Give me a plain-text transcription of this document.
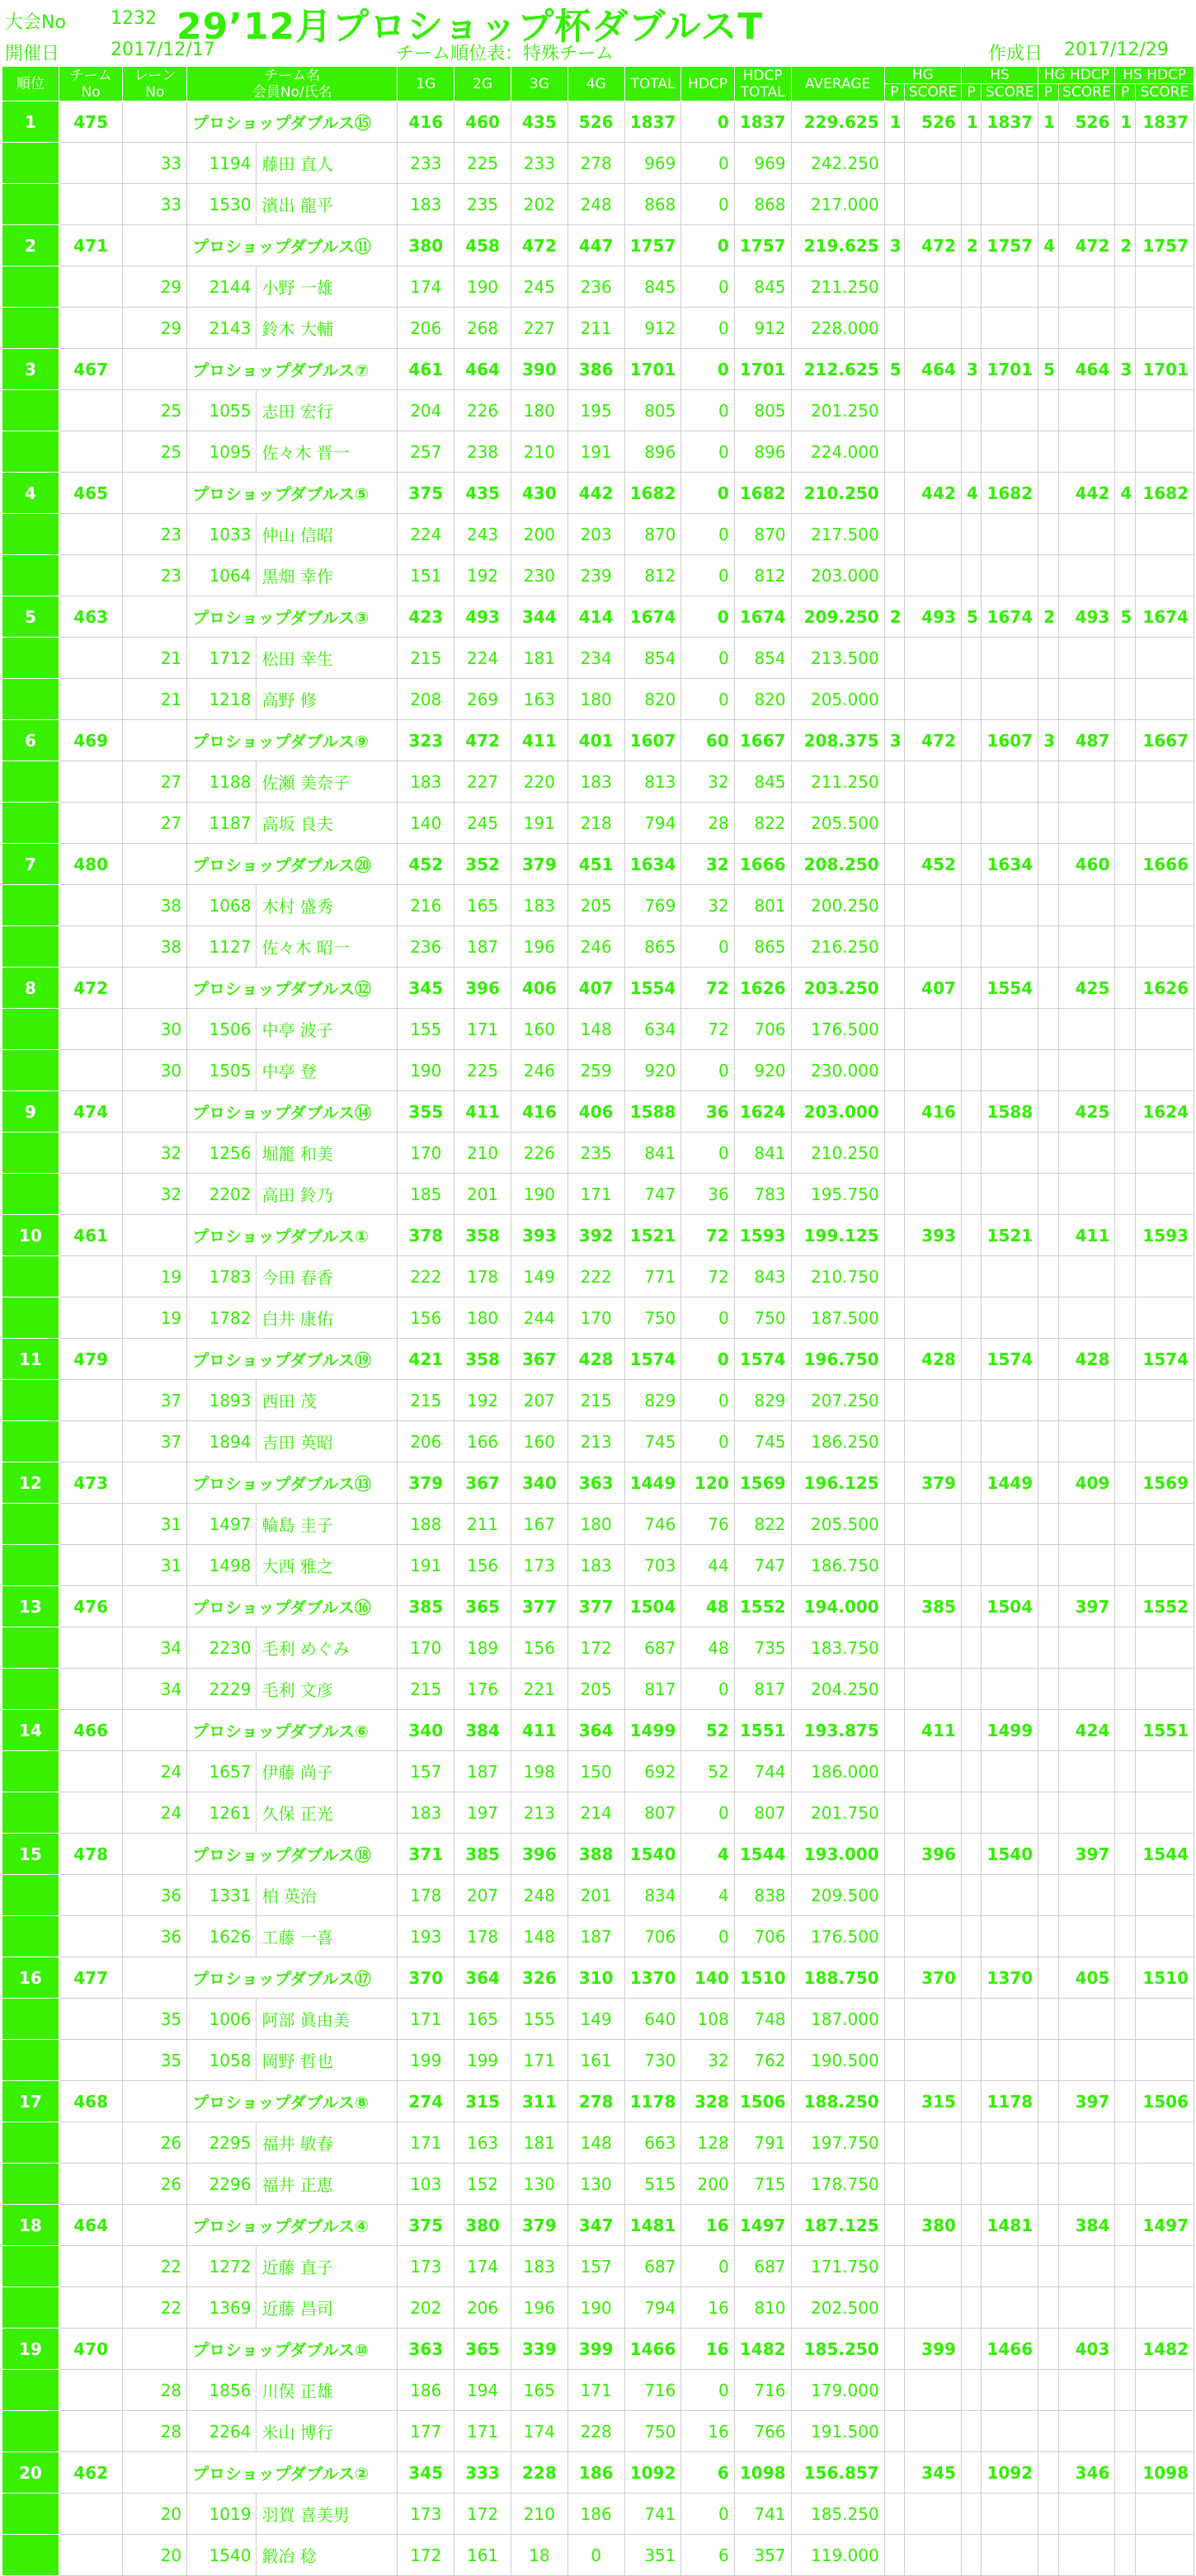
大会No 1232 29’12月プロショップ杯ダブルスT
開催日	2017/12/17	チーム順位表：特殊チーム	作成日 2017/12/29
順位	チーム
No	レーン
No	チーム名
会員No/氏名		1G	2G	3G	4G	TOTAL	HDCP	HDCP
TOTAL	AVERAGE	HG		HS		HG HDCP		HS HDCP	
													P	SCORE	P	SCORE	P	SCORE	P	SCORE
1	475		プロショップダブルス⑮		416	460	435	526	1837	0	1837	229.625	1	526	1	1837	1	526	1	1837
		33	1194	藤田 直人	233	225	233	278	969	0	969	242.250								
		33	1530	濱出 龍平	183	235	202	248	868	0	868	217.000								
2	471		プロショップダブルス⑪		380	458	472	447	1757	0	1757	219.625	3	472	2	1757	4	472	2	1757
		29	2144	小野 一雄	174	190	245	236	845	0	845	211.250								
		29	2143	鈴木 大輔	206	268	227	211	912	0	912	228.000								
3	467		プロショップダブルス⑦		461	464	390	386	1701	0	1701	212.625	5	464	3	1701	5	464	3	1701
		25	1055	志田 宏行	204	226	180	195	805	0	805	201.250								
		25	1095	佐々木 晋一	257	238	210	191	896	0	896	224.000								
4	465		プロショップダブルス⑤		375	435	430	442	1682	0	1682	210.250		442	4	1682		442	4	1682
		23	1033	仲山 信昭	224	243	200	203	870	0	870	217.500								
		23	1064	黒畑 幸作	151	192	230	239	812	0	812	203.000								
5	463		プロショップダブルス③		423	493	344	414	1674	0	1674	209.250	2	493	5	1674	2	493	5	1674
		21	1712	松田 幸生	215	224	181	234	854	0	854	213.500								
		21	1218	高野 修	208	269	163	180	820	0	820	205.000								
6	469		プロショップダブルス⑨		323	472	411	401	1607	60	1667	208.375	3	472		1607	3	487		1667
		27	1188	佐瀬 美奈子	183	227	220	183	813	32	845	211.250								
		27	1187	高坂 良夫	140	245	191	218	794	28	822	205.500								
7	480		プロショップダブルス⑳		452	352	379	451	1634	32	1666	208.250		452		1634		460		1666
		38	1068	木村 盛秀	216	165	183	205	769	32	801	200.250								
		38	1127	佐々木 昭一	236	187	196	246	865	0	865	216.250								
8	472		プロショップダブルス⑫		345	396	406	407	1554	72	1626	203.250		407		1554		425		1626
		30	1506	中亭 波子	155	171	160	148	634	72	706	176.500								
		30	1505	中亭 登	190	225	246	259	920	0	920	230.000								
9	474		プロショップダブルス⑭		355	411	416	406	1588	36	1624	203.000		416		1588		425		1624
		32	1256	堀籠 和美	170	210	226	235	841	0	841	210.250								
		32	2202	高田 鈴乃	185	201	190	171	747	36	783	195.750								
10	461		プロショップダブルス①		378	358	393	392	1521	72	1593	199.125		393		1521		411		1593
		19	1783	今田 春香	222	178	149	222	771	72	843	210.750								
		19	1782	白井 康佑	156	180	244	170	750	0	750	187.500								
11	479		プロショップダブルス⑲		421	358	367	428	1574	0	1574	196.750		428		1574		428		1574
		37	1893	西田 茂	215	192	207	215	829	0	829	207.250								
		37	1894	吉田 英昭	206	166	160	213	745	0	745	186.250								
12	473		プロショップダブルス⑬		379	367	340	363	1449	120	1569	196.125		379		1449		409		1569
		31	1497	輪島 圭子	188	211	167	180	746	76	822	205.500								
		31	1498	大西 雅之	191	156	173	183	703	44	747	186.750								
13	476		プロショップダブルス⑯		385	365	377	377	1504	48	1552	194.000		385		1504		397		1552
		34	2230	毛利 めぐみ	170	189	156	172	687	48	735	183.750								
		34	2229	毛利 文彦	215	176	221	205	817	0	817	204.250								
14	466		プロショップダブルス⑥		340	384	411	364	1499	52	1551	193.875		411		1499		424		1551
		24	1657	伊藤 尚子	157	187	198	150	692	52	744	186.000								
		24	1261	久保 正光	183	197	213	214	807	0	807	201.750								
15	478		プロショップダブルス⑱		371	385	396	388	1540	4	1544	193.000		396		1540		397		1544
		36	1331	柏 英治	178	207	248	201	834	4	838	209.500								
		36	1626	工藤 一喜	193	178	148	187	706	0	706	176.500								
16	477		プロショップダブルス⑰		370	364	326	310	1370	140	1510	188.750		370		1370		405		1510
		35	1006	阿部 眞由美	171	165	155	149	640	108	748	187.000								
		35	1058	岡野 哲也	199	199	171	161	730	32	762	190.500								
17	468		プロショップダブルス⑧		274	315	311	278	1178	328	1506	188.250		315		1178		397		1506
		26	2295	福井 敏春	171	163	181	148	663	128	791	197.750								
		26	2296	福井 正恵	103	152	130	130	515	200	715	178.750								
18	464		プロショップダブルス④		375	380	379	347	1481	16	1497	187.125		380		1481		384		1497
		22	1272	近藤 直子	173	174	183	157	687	0	687	171.750								
		22	1369	近藤 昌司	202	206	196	190	794	16	810	202.500								
19	470		プロショップダブルス⑩		363	365	339	399	1466	16	1482	185.250		399		1466		403		1482
		28	1856	川俣 正雄	186	194	165	171	716	0	716	179.000								
		28	2264	米山 博行	177	171	174	228	750	16	766	191.500								
20	462		プロショップダブルス②		345	333	228	186	1092	6	1098	156.857		345		1092		346		1098
		20	1019	羽賀 喜美男	173	172	210	186	741	0	741	185.250								
		20	1540	鍛冶 稔	172	161	18	0	351	6	357	119.000								
